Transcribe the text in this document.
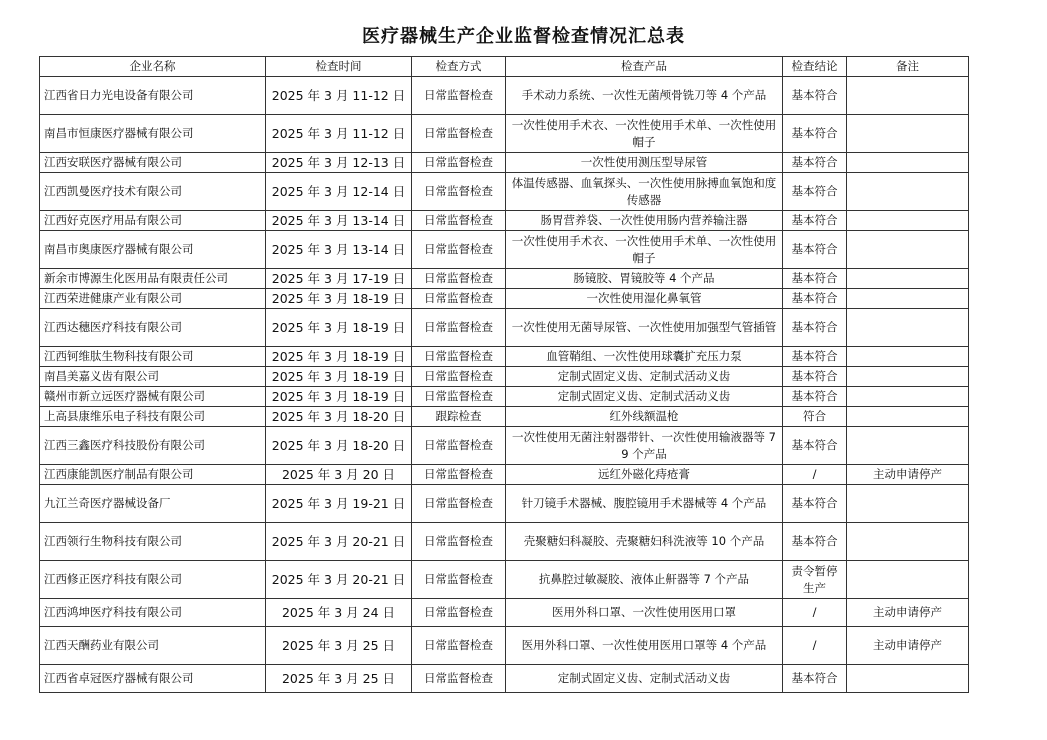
医疗器械生产企业监督检查情况汇总表
企业名称	检查时间	检查方式	检查产品	检查结论	备注
江西省日力光电设备有限公司	2025 年 3 月 11-12 日	日常监督检查	手术动力系统、一次性无菌颅骨铣刀等 4 个产品	基本符合	
南昌市恒康医疗器械有限公司	2025 年 3 月 11-12 日	日常监督检查	一次性使用手术衣、一次性使用手术单、一次性使用帽子	基本符合	
江西安联医疗器械有限公司	2025 年 3 月 12-13 日	日常监督检查	一次性使用测压型导尿管	基本符合	
江西凯曼医疗技术有限公司	2025 年 3 月 12-14 日	日常监督检查	体温传感器、血氧探头、一次性使用脉搏血氧饱和度传感器	基本符合	
江西好克医疗用品有限公司	2025 年 3 月 13-14 日	日常监督检查	肠胃营养袋、一次性使用肠内营养输注器	基本符合	
南昌市奥康医疗器械有限公司	2025 年 3 月 13-14 日	日常监督检查	一次性使用手术衣、一次性使用手术单、一次性使用帽子	基本符合	
新余市博源生化医用品有限责任公司	2025 年 3 月 17-19 日	日常监督检查	肠镜胶、胃镜胶等 4 个产品	基本符合	
江西荣进健康产业有限公司	2025 年 3 月 18-19 日	日常监督检查	一次性使用湿化鼻氧管	基本符合	
江西达穗医疗科技有限公司	2025 年 3 月 18-19 日	日常监督检查	一次性使用无菌导尿管、一次性使用加强型气管插管	基本符合	
江西钶维肽生物科技有限公司	2025 年 3 月 18-19 日	日常监督检查	血管鞘组、一次性使用球囊扩充压力泵	基本符合	
南昌美嘉义齿有限公司	2025 年 3 月 18-19 日	日常监督检查	定制式固定义齿、定制式活动义齿	基本符合	
赣州市新立远医疗器械有限公司	2025 年 3 月 18-19 日	日常监督检查	定制式固定义齿、定制式活动义齿	基本符合	
上高县康维乐电子科技有限公司	2025 年 3 月 18-20 日	跟踪检查	红外线额温枪	符合	
江西三鑫医疗科技股份有限公司	2025 年 3 月 18-20 日	日常监督检查	一次性使用无菌注射器带针、一次性使用输液器等 79 个产品	基本符合	
江西康能凯医疗制品有限公司	2025 年 3 月 20 日	日常监督检查	远红外磁化痔疮膏	/	主动申请停产
九江兰奇医疗器械设备厂	2025 年 3 月 19-21 日	日常监督检查	针刀镜手术器械、腹腔镜用手术器械等 4 个产品	基本符合	
江西领行生物科技有限公司	2025 年 3 月 20-21 日	日常监督检查	壳聚糖妇科凝胶、壳聚糖妇科洗液等 10 个产品	基本符合	
江西修正医疗科技有限公司	2025 年 3 月 20-21 日	日常监督检查	抗鼻腔过敏凝胶、液体止鼾器等 7 个产品	责令暂停生产	
江西鸿坤医疗科技有限公司	2025 年 3 月 24 日	日常监督检查	医用外科口罩、一次性使用医用口罩	/	主动申请停产
江西天酬药业有限公司	2025 年 3 月 25 日	日常监督检查	医用外科口罩、一次性使用医用口罩等 4 个产品	/	主动申请停产
江西省卓冠医疗器械有限公司	2025 年 3 月 25 日	日常监督检查	定制式固定义齿、定制式活动义齿	基本符合	
